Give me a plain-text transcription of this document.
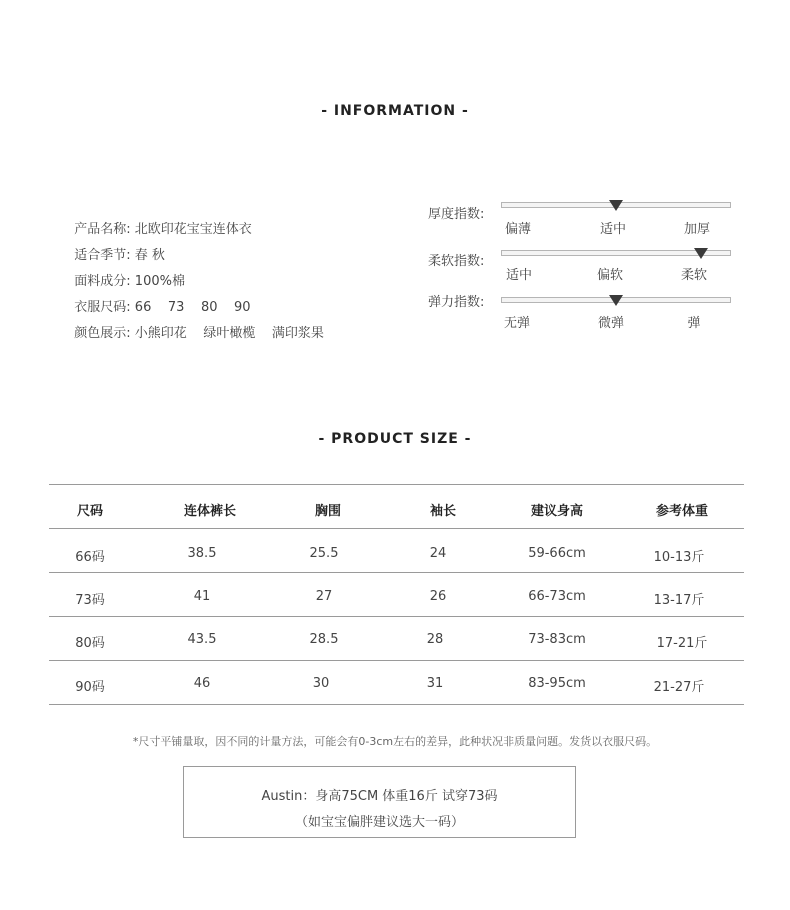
- INFORMATION -

产品名称: 北欧印花宝宝连体衣

适合季节: 春 秋

面料成分: 100%棉

衣服尺码: 66    73    80    90

颜色展示: 小熊印花    绿叶橄榄    满印浆果

厚度指数:
偏薄	适中	加厚
柔软指数:
适中	偏软	柔软
弹力指数:
无弹	微弹	弹
- PRODUCT SIZE -
尺码	连体裤长	胸围	袖长	建议身高	参考体重
66码	38.5	25.5	24	59-66cm	10-13斤
73码	41	27	26	66-73cm	13-17斤
80码	43.5	28.5	28	73-83cm	17-21斤
90码	46	30	31	83-95cm	21-27斤
*尺寸平铺量取，因不同的计量方法，可能会有0-3cm左右的差异，此种状况非质量问题。发货以衣服尺码。
Austin：身高75CM 体重16斤 试穿73码
（如宝宝偏胖建议选大一码）
